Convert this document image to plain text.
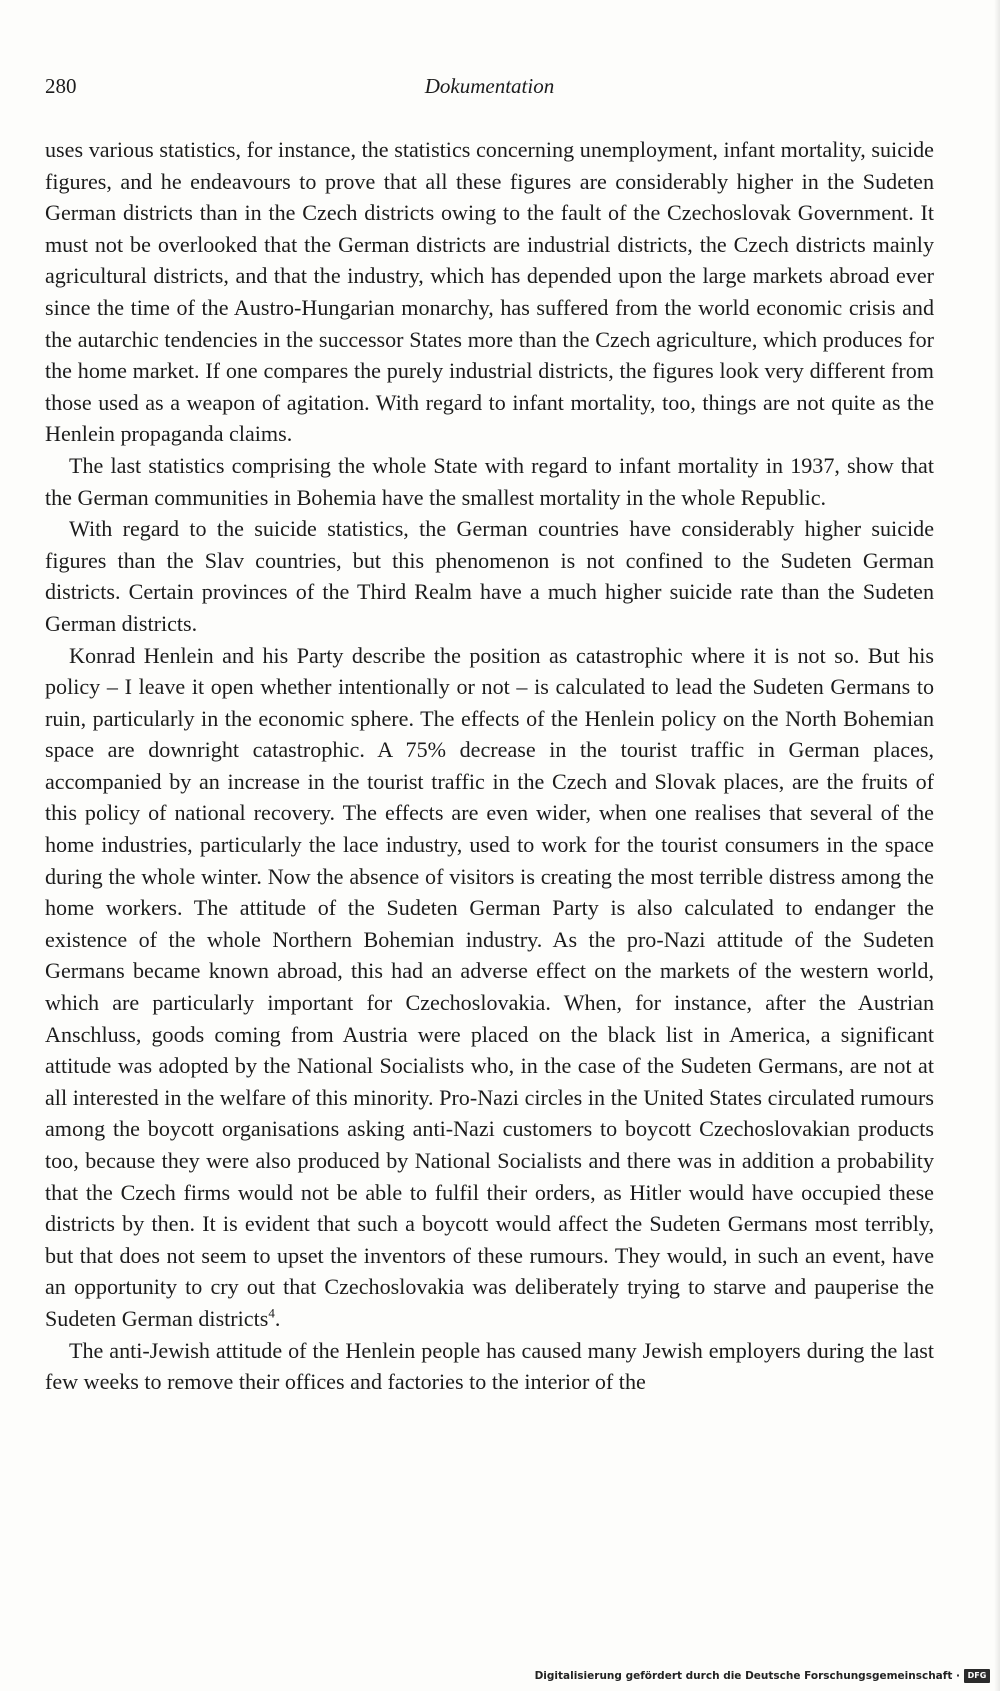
280	Dokumentation

uses various statistics, for instance, the statistics concerning unemployment, infant mortality, suicide figures, and he endeavours to prove that all these figures are considerably higher in the Sudeten German districts than in the Czech districts owing to the fault of the Czechoslovak Government. It must not be overlooked that the German districts are industrial districts, the Czech districts mainly agricultural districts, and that the industry, which has depended upon the large markets abroad ever since the time of the Austro-Hungarian monarchy, has suffered from the world economic crisis and the autarchic tendencies in the successor States more than the Czech agriculture, which produces for the home market. If one compares the purely industrial districts, the figures look very different from those used as a weapon of agitation. With regard to infant mortality, too, things are not quite as the Henlein propaganda claims.

The last statistics comprising the whole State with regard to infant mortality in 1937, show that the German communities in Bohemia have the smallest mortality in the whole Republic.

With regard to the suicide statistics, the German countries have considerably higher suicide figures than the Slav countries, but this phenomenon is not confined to the Sudeten German districts. Certain provinces of the Third Realm have a much higher suicide rate than the Sudeten German districts.

Konrad Henlein and his Party describe the position as catastrophic where it is not so. But his policy – I leave it open whether intentionally or not – is calculated to lead the Sudeten Germans to ruin, particularly in the economic sphere. The effects of the Henlein policy on the North Bohemian space are downright catastrophic. A 75% decrease in the tourist traffic in German places, accompanied by an increase in the tourist traffic in the Czech and Slovak places, are the fruits of this policy of national recovery. The effects are even wider, when one realises that several of the home industries, particularly the lace industry, used to work for the tourist consumers in the space during the whole winter. Now the absence of visitors is creating the most terrible distress among the home workers. The attitude of the Sudeten German Party is also calculated to endanger the existence of the whole Northern Bohemian industry. As the pro-Nazi attitude of the Sudeten Germans became known abroad, this had an adverse effect on the markets of the western world, which are particularly important for Czechoslovakia. When, for instance, after the Austrian Anschluss, goods coming from Austria were placed on the black list in America, a significant attitude was adopted by the National Socialists who, in the case of the Sudeten Germans, are not at all interested in the welfare of this minority. Pro-Nazi circles in the United States circulated rumours among the boycott organisations asking anti-Nazi customers to boycott Czechoslovakian products too, because they were also produced by National Socialists and there was in addition a probability that the Czech firms would not be able to fulfil their orders, as Hitler would have occupied these districts by then. It is evident that such a boycott would affect the Sudeten Germans most terribly, but that does not seem to upset the inventors of these rumours. They would, in such an event, have an opportunity to cry out that Czechoslovakia was deliberately trying to starve and pauperise the Sudeten German districts$^4$.

The anti-Jewish attitude of the Henlein people has caused many Jewish employers during the last few weeks to remove their offices and factories to the interior of the

Digitalisierung gefördert durch die Deutsche Forschungsgemeinschaft · DFG
